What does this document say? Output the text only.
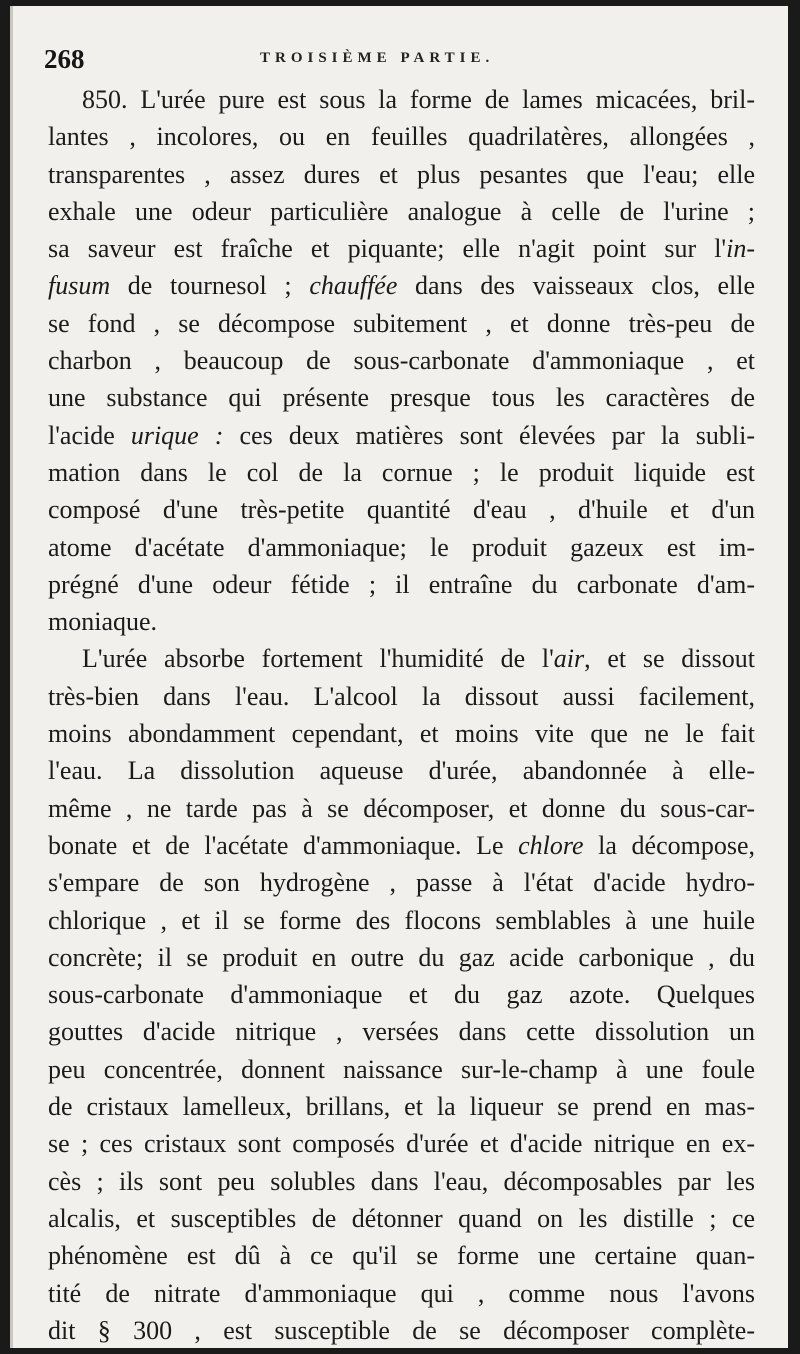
268	TROISIÈME PARTIE.
850. L'urée pure est sous la forme de lames micacées, bril-
lantes , incolores, ou en feuilles quadrilatères, allongées ,
transparentes , assez dures et plus pesantes que l'eau; elle
exhale une odeur particulière analogue à celle de l'urine ;
sa saveur est fraîche et piquante; elle n'agit point sur l'in-
fusum de tournesol ; chauffée dans des vaisseaux clos, elle
se fond , se décompose subitement , et donne très-peu de
charbon , beaucoup de sous-carbonate d'ammoniaque , et
une substance qui présente presque tous les caractères de
l'acide urique : ces deux matières sont élevées par la subli-
mation dans le col de la cornue ; le produit liquide est
composé d'une très-petite quantité d'eau , d'huile et d'un
atome d'acétate d'ammoniaque; le produit gazeux est im-
prégné d'une odeur fétide ; il entraîne du carbonate d'am-
moniaque.
L'urée absorbe fortement l'humidité de l'air, et se dissout
très-bien dans l'eau. L'alcool la dissout aussi facilement,
moins abondamment cependant, et moins vite que ne le fait
l'eau. La dissolution aqueuse d'urée, abandonnée à elle-
même , ne tarde pas à se décomposer, et donne du sous-car-
bonate et de l'acétate d'ammoniaque. Le chlore la décompose,
s'empare de son hydrogène , passe à l'état d'acide hydro-
chlorique , et il se forme des flocons semblables à une huile
concrète; il se produit en outre du gaz acide carbonique , du
sous-carbonate d'ammoniaque et du gaz azote. Quelques
gouttes d'acide nitrique , versées dans cette dissolution un
peu concentrée, donnent naissance sur-le-champ à une foule
de cristaux lamelleux, brillans, et la liqueur se prend en mas-
se ; ces cristaux sont composés d'urée et d'acide nitrique en ex-
cès ; ils sont peu solubles dans l'eau, décomposables par les
alcalis, et susceptibles de détonner quand on les distille ; ce
phénomène est dû à ce qu'il se forme une certaine quan-
tité de nitrate d'ammoniaque qui , comme nous l'avons
dit § 300 , est susceptible de se décomposer complète-
